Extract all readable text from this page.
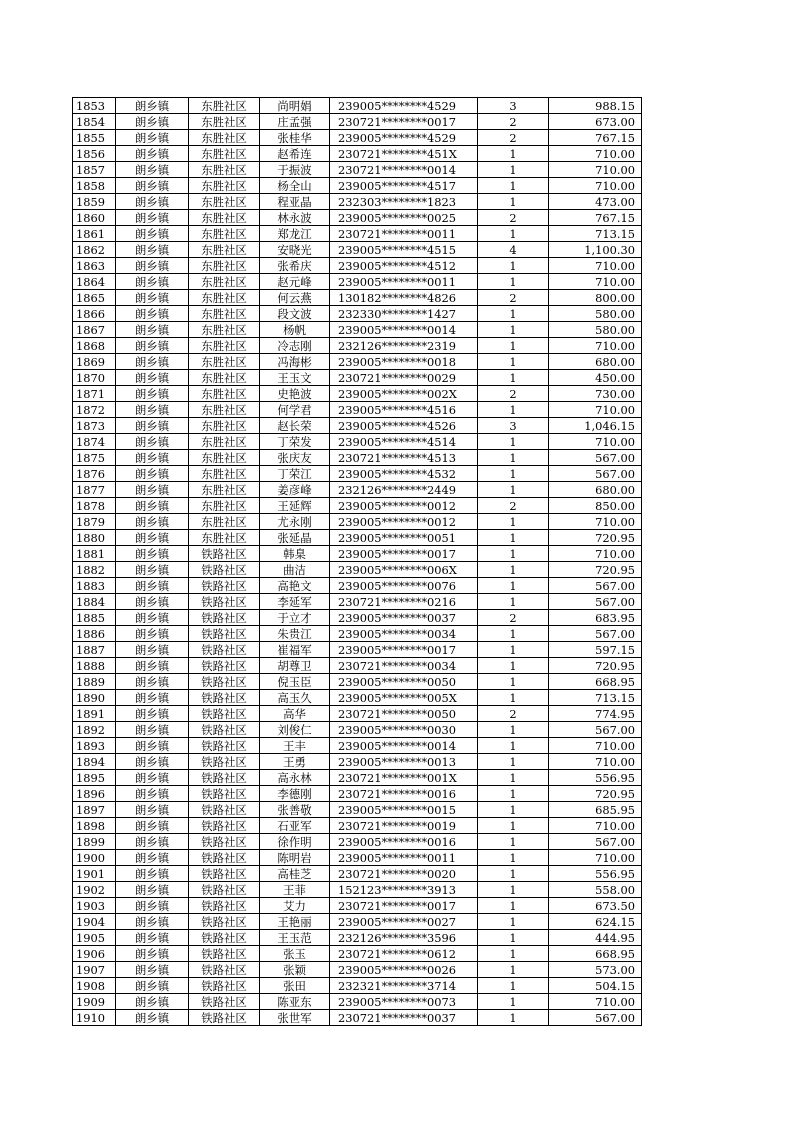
1853	朗乡镇	东胜社区	尚明娟	239005********4529	3	988.15
1854	朗乡镇	东胜社区	庄孟强	230721********0017	2	673.00
1855	朗乡镇	东胜社区	张桂华	239005********4529	2	767.15
1856	朗乡镇	东胜社区	赵希连	230721********451X	1	710.00
1857	朗乡镇	东胜社区	于振波	230721********0014	1	710.00
1858	朗乡镇	东胜社区	杨全山	239005********4517	1	710.00
1859	朗乡镇	东胜社区	程亚晶	232303********1823	1	473.00
1860	朗乡镇	东胜社区	林永波	239005********0025	2	767.15
1861	朗乡镇	东胜社区	郑龙江	230721********0011	1	713.15
1862	朗乡镇	东胜社区	安晓光	239005********4515	4	1,100.30
1863	朗乡镇	东胜社区	张希庆	239005********4512	1	710.00
1864	朗乡镇	东胜社区	赵元峰	239005********0011	1	710.00
1865	朗乡镇	东胜社区	何云燕	130182********4826	2	800.00
1866	朗乡镇	东胜社区	段文波	232330********1427	1	580.00
1867	朗乡镇	东胜社区	杨帆	239005********0014	1	580.00
1868	朗乡镇	东胜社区	冷志刚	232126********2319	1	710.00
1869	朗乡镇	东胜社区	冯海彬	239005********0018	1	680.00
1870	朗乡镇	东胜社区	王玉文	230721********0029	1	450.00
1871	朗乡镇	东胜社区	史艳波	239005********002X	2	730.00
1872	朗乡镇	东胜社区	何学君	239005********4516	1	710.00
1873	朗乡镇	东胜社区	赵长荣	239005********4526	3	1,046.15
1874	朗乡镇	东胜社区	丁荣发	239005********4514	1	710.00
1875	朗乡镇	东胜社区	张庆友	230721********4513	1	567.00
1876	朗乡镇	东胜社区	丁荣江	239005********4532	1	567.00
1877	朗乡镇	东胜社区	姜彦峰	232126********2449	1	680.00
1878	朗乡镇	东胜社区	王延辉	239005********0012	2	850.00
1879	朗乡镇	东胜社区	尤永刚	239005********0012	1	710.00
1880	朗乡镇	东胜社区	张延晶	239005********0051	1	720.95
1881	朗乡镇	铁路社区	韩臬	239005********0017	1	710.00
1882	朗乡镇	铁路社区	曲洁	239005********006X	1	720.95
1883	朗乡镇	铁路社区	高艳文	239005********0076	1	567.00
1884	朗乡镇	铁路社区	李延军	230721********0216	1	567.00
1885	朗乡镇	铁路社区	于立才	239005********0037	2	683.95
1886	朗乡镇	铁路社区	朱贵江	239005********0034	1	567.00
1887	朗乡镇	铁路社区	崔福军	239005********0017	1	597.15
1888	朗乡镇	铁路社区	胡尊卫	230721********0034	1	720.95
1889	朗乡镇	铁路社区	倪玉臣	239005********0050	1	668.95
1890	朗乡镇	铁路社区	高玉久	239005********005X	1	713.15
1891	朗乡镇	铁路社区	高华	230721********0050	2	774.95
1892	朗乡镇	铁路社区	刘俊仁	239005********0030	1	567.00
1893	朗乡镇	铁路社区	王丰	239005********0014	1	710.00
1894	朗乡镇	铁路社区	王勇	239005********0013	1	710.00
1895	朗乡镇	铁路社区	高永林	230721********001X	1	556.95
1896	朗乡镇	铁路社区	李德刚	230721********0016	1	720.95
1897	朗乡镇	铁路社区	张善敬	239005********0015	1	685.95
1898	朗乡镇	铁路社区	石亚军	230721********0019	1	710.00
1899	朗乡镇	铁路社区	徐作明	239005********0016	1	567.00
1900	朗乡镇	铁路社区	陈明岩	239005********0011	1	710.00
1901	朗乡镇	铁路社区	高桂芝	230721********0020	1	556.95
1902	朗乡镇	铁路社区	王菲	152123********3913	1	558.00
1903	朗乡镇	铁路社区	艾力	230721********0017	1	673.50
1904	朗乡镇	铁路社区	王艳丽	239005********0027	1	624.15
1905	朗乡镇	铁路社区	王玉范	232126********3596	1	444.95
1906	朗乡镇	铁路社区	张玉	230721********0612	1	668.95
1907	朗乡镇	铁路社区	张颖	239005********0026	1	573.00
1908	朗乡镇	铁路社区	张田	232321********3714	1	504.15
1909	朗乡镇	铁路社区	陈亚东	239005********0073	1	710.00
1910	朗乡镇	铁路社区	张世军	230721********0037	1	567.00
